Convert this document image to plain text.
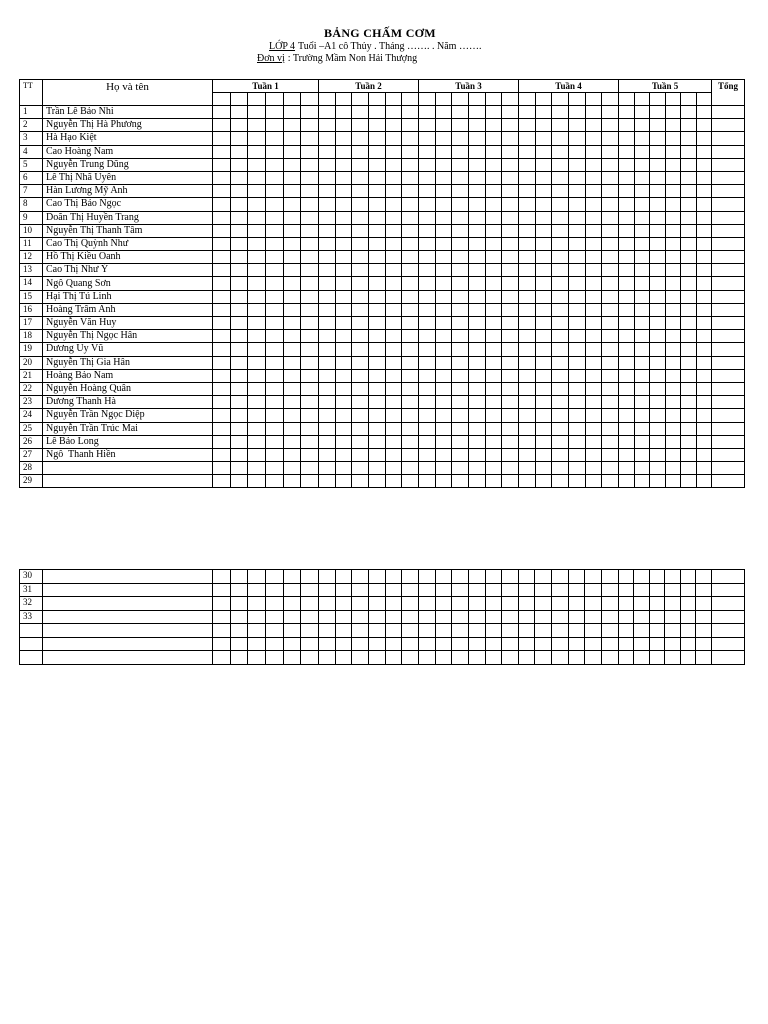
BẢNG CHẤM CƠM
LỚP 4 Tuổi –A1 cô Thủy . Tháng ……. . Năm …….
Đơn vị : Trường Mầm Non Hải Thượng
TT	Họ và tên	Tuần 1						Tuần 2						Tuần 3						Tuần 4						Tuần 5						Tổng

1	Trần Lê Bảo Nhi																															
2	Nguyễn Thị Hà Phương																															
3	Hà Hạo Kiệt																															
4	Cao Hoàng Nam																															
5	Nguyễn Trung Dũng																															
6	Lê Thị Nhã Uyên																															
7	Hàn Lương Mỹ Anh																															
8	Cao Thị Bảo Ngọc																															
9	Doãn Thị Huyền Trang																															
10	Nguyễn Thị Thanh Tâm																															
11	Cao Thị Quỳnh Như																															
12	Hồ Thị Kiều Oanh																															
13	Cao Thị Như Ý																															
14	Ngô Quang Sơn																															
15	Hại Thị Tú Linh																															
16	Hoàng Trâm Anh																															
17	Nguyễn Văn Huy																															
18	Nguyễn Thị Ngọc Hân																															
19	Dương Uy Vũ																															
20	Nguyễn Thị Gia Hân																															
21	Hoàng Bảo Nam																															
22	Nguyễn Hoàng Quân																															
23	Dương Thanh Hà																															
24	Nguyễn Trần Ngọc Diệp																															
25	Nguyễn Trần Trúc Mai																															
26	Lê Bảo Long																															
27	Ngô  Thanh Hiền																															
28																																
29																																
30																																
31																																
32																																
33																																
